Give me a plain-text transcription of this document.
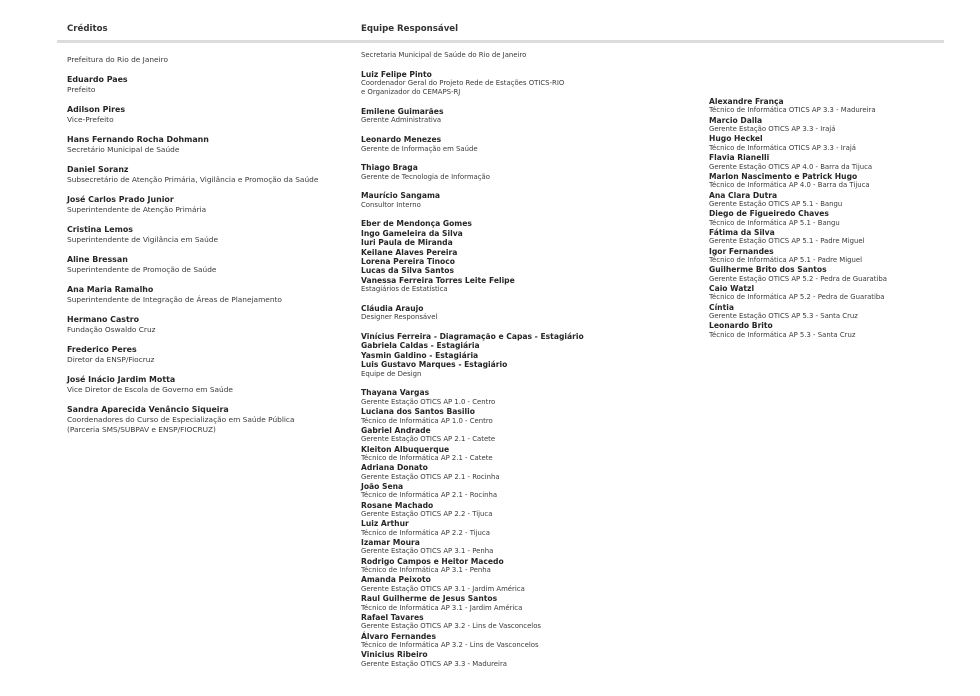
Créditos	Equipe Responsável
Prefeitura do Rio de Janeiro
Eduardo Paes
Prefeito
Adilson Pires
Vice-Prefeito
Hans Fernando Rocha Dohmann
Secretário Municipal de Saúde
Daniel Soranz
Subsecretário de Atenção Primária, Vigilância e Promoção da Saúde
José Carlos Prado Junior
Superintendente de Atenção Primária
Cristina Lemos
Superintendente de Vigilância em Saúde
Aline Bressan
Superintendente de Promoção de Saúde
Ana Maria Ramalho
Superintendente de Integração de Áreas de Planejamento
Hermano Castro
Fundação Oswaldo Cruz
Frederico Peres
Diretor da ENSP/Fiocruz
José Inácio Jardim Motta
Vice Diretor de Escola de Governo em Saúde
Sandra Aparecida Venâncio Siqueira
Coordenadores do Curso de Especialização em Saúde Pública
(Parceria SMS/SUBPAV e ENSP/FIOCRUZ)
Secretaria Municipal de Saúde do Rio de Janeiro
Luiz Felipe Pinto
Coordenador Geral do Projeto Rede de Estações OTICS-RIO
e Organizador do CEMAPS-RJ
Emilene Guimarães
Gerente Administrativa
Leonardo Menezes
Gerente de Informação em Saúde
Thiago Braga
Gerente de Tecnologia de Informação
Maurício Sangama
Consultor Interno
Eber de Mendonça Gomes
Ingo Gameleira da Silva
Iuri Paula de Miranda
Keilane Alaves Pereira
Lorena Pereira Tinoco
Lucas da Silva Santos
Vanessa Ferreira Torres Leite Felipe
Estagiários de Estatística
Cláudia Araujo
Designer Responsável
Vinícius Ferreira - Diagramação e Capas - Estagiário
Gabriela Caldas - Estagiária
Yasmin Galdino - Estagiária
Luis Gustavo Marques - Estagiário
Equipe de Design
Thayana Vargas
Gerente Estação OTICS AP 1.0 - Centro
Luciana dos Santos Basilio
Técnico de Informática AP 1.0 - Centro
Gabriel Andrade
Gerente Estação OTICS AP 2.1 - Catete
Kleiton Albuquerque
Técnico de Informática AP 2.1 - Catete
Adriana Donato
Gerente Estação OTICS AP 2.1 - Rocinha
João Sena
Técnico de Informática AP 2.1 - Rocinha
Rosane Machado
Gerente Estação OTICS AP 2.2 - Tijuca
Luiz Arthur
Técnico de Informática AP 2.2 - Tijuca
Izamar Moura
Gerente Estação OTICS AP 3.1 - Penha
Rodrigo Campos e Heitor Macedo
Técnico de Informática AP 3.1 - Penha
Amanda Peixoto
Gerente Estação OTICS AP 3.1 - Jardim América
Raul Guilherme de Jesus Santos
Técnico de Informática AP 3.1 - Jardim América
Rafael Tavares
Gerente Estação OTICS AP 3.2 - Lins de Vasconcelos
Álvaro Fernandes
Técnico de Informática AP 3.2 - Lins de Vasconcelos
Vinicius Ribeiro
Gerente Estação OTICS AP 3.3 - Madureira
Alexandre França
Técnico de Informática OTICS AP 3.3 - Madureira
Marcio Dalla
Gerente Estação OTICS AP 3.3 - Irajá
Hugo Heckel
Técnico de Informática OTICS AP 3.3 - Irajá
Flavia Rianelli
Gerente Estação OTICS AP 4.0 - Barra da Tijuca
Marlon Nascimento e Patrick Hugo
Técnico de Informática AP 4.0 - Barra da Tijuca
Ana Clara Dutra
Gerente Estação OTICS AP 5.1 - Bangu
Diego de Figueiredo Chaves
Técnico de Informática AP 5.1 - Bangu
Fátima da Silva
Gerente Estação OTICS AP 5.1 - Padre Miguel
Igor Fernandes
Técnico de Informática AP 5.1 - Padre Miguel
Guilherme Brito dos Santos
Gerente Estação OTICS AP 5.2 - Pedra de Guaratiba
Caio Watzl
Técnico de Informática AP 5.2 - Pedra de Guaratiba
Cíntia
Gerente Estação OTICS AP 5.3 - Santa Cruz
Leonardo Brito
Técnico de Informática AP 5.3 - Santa Cruz
